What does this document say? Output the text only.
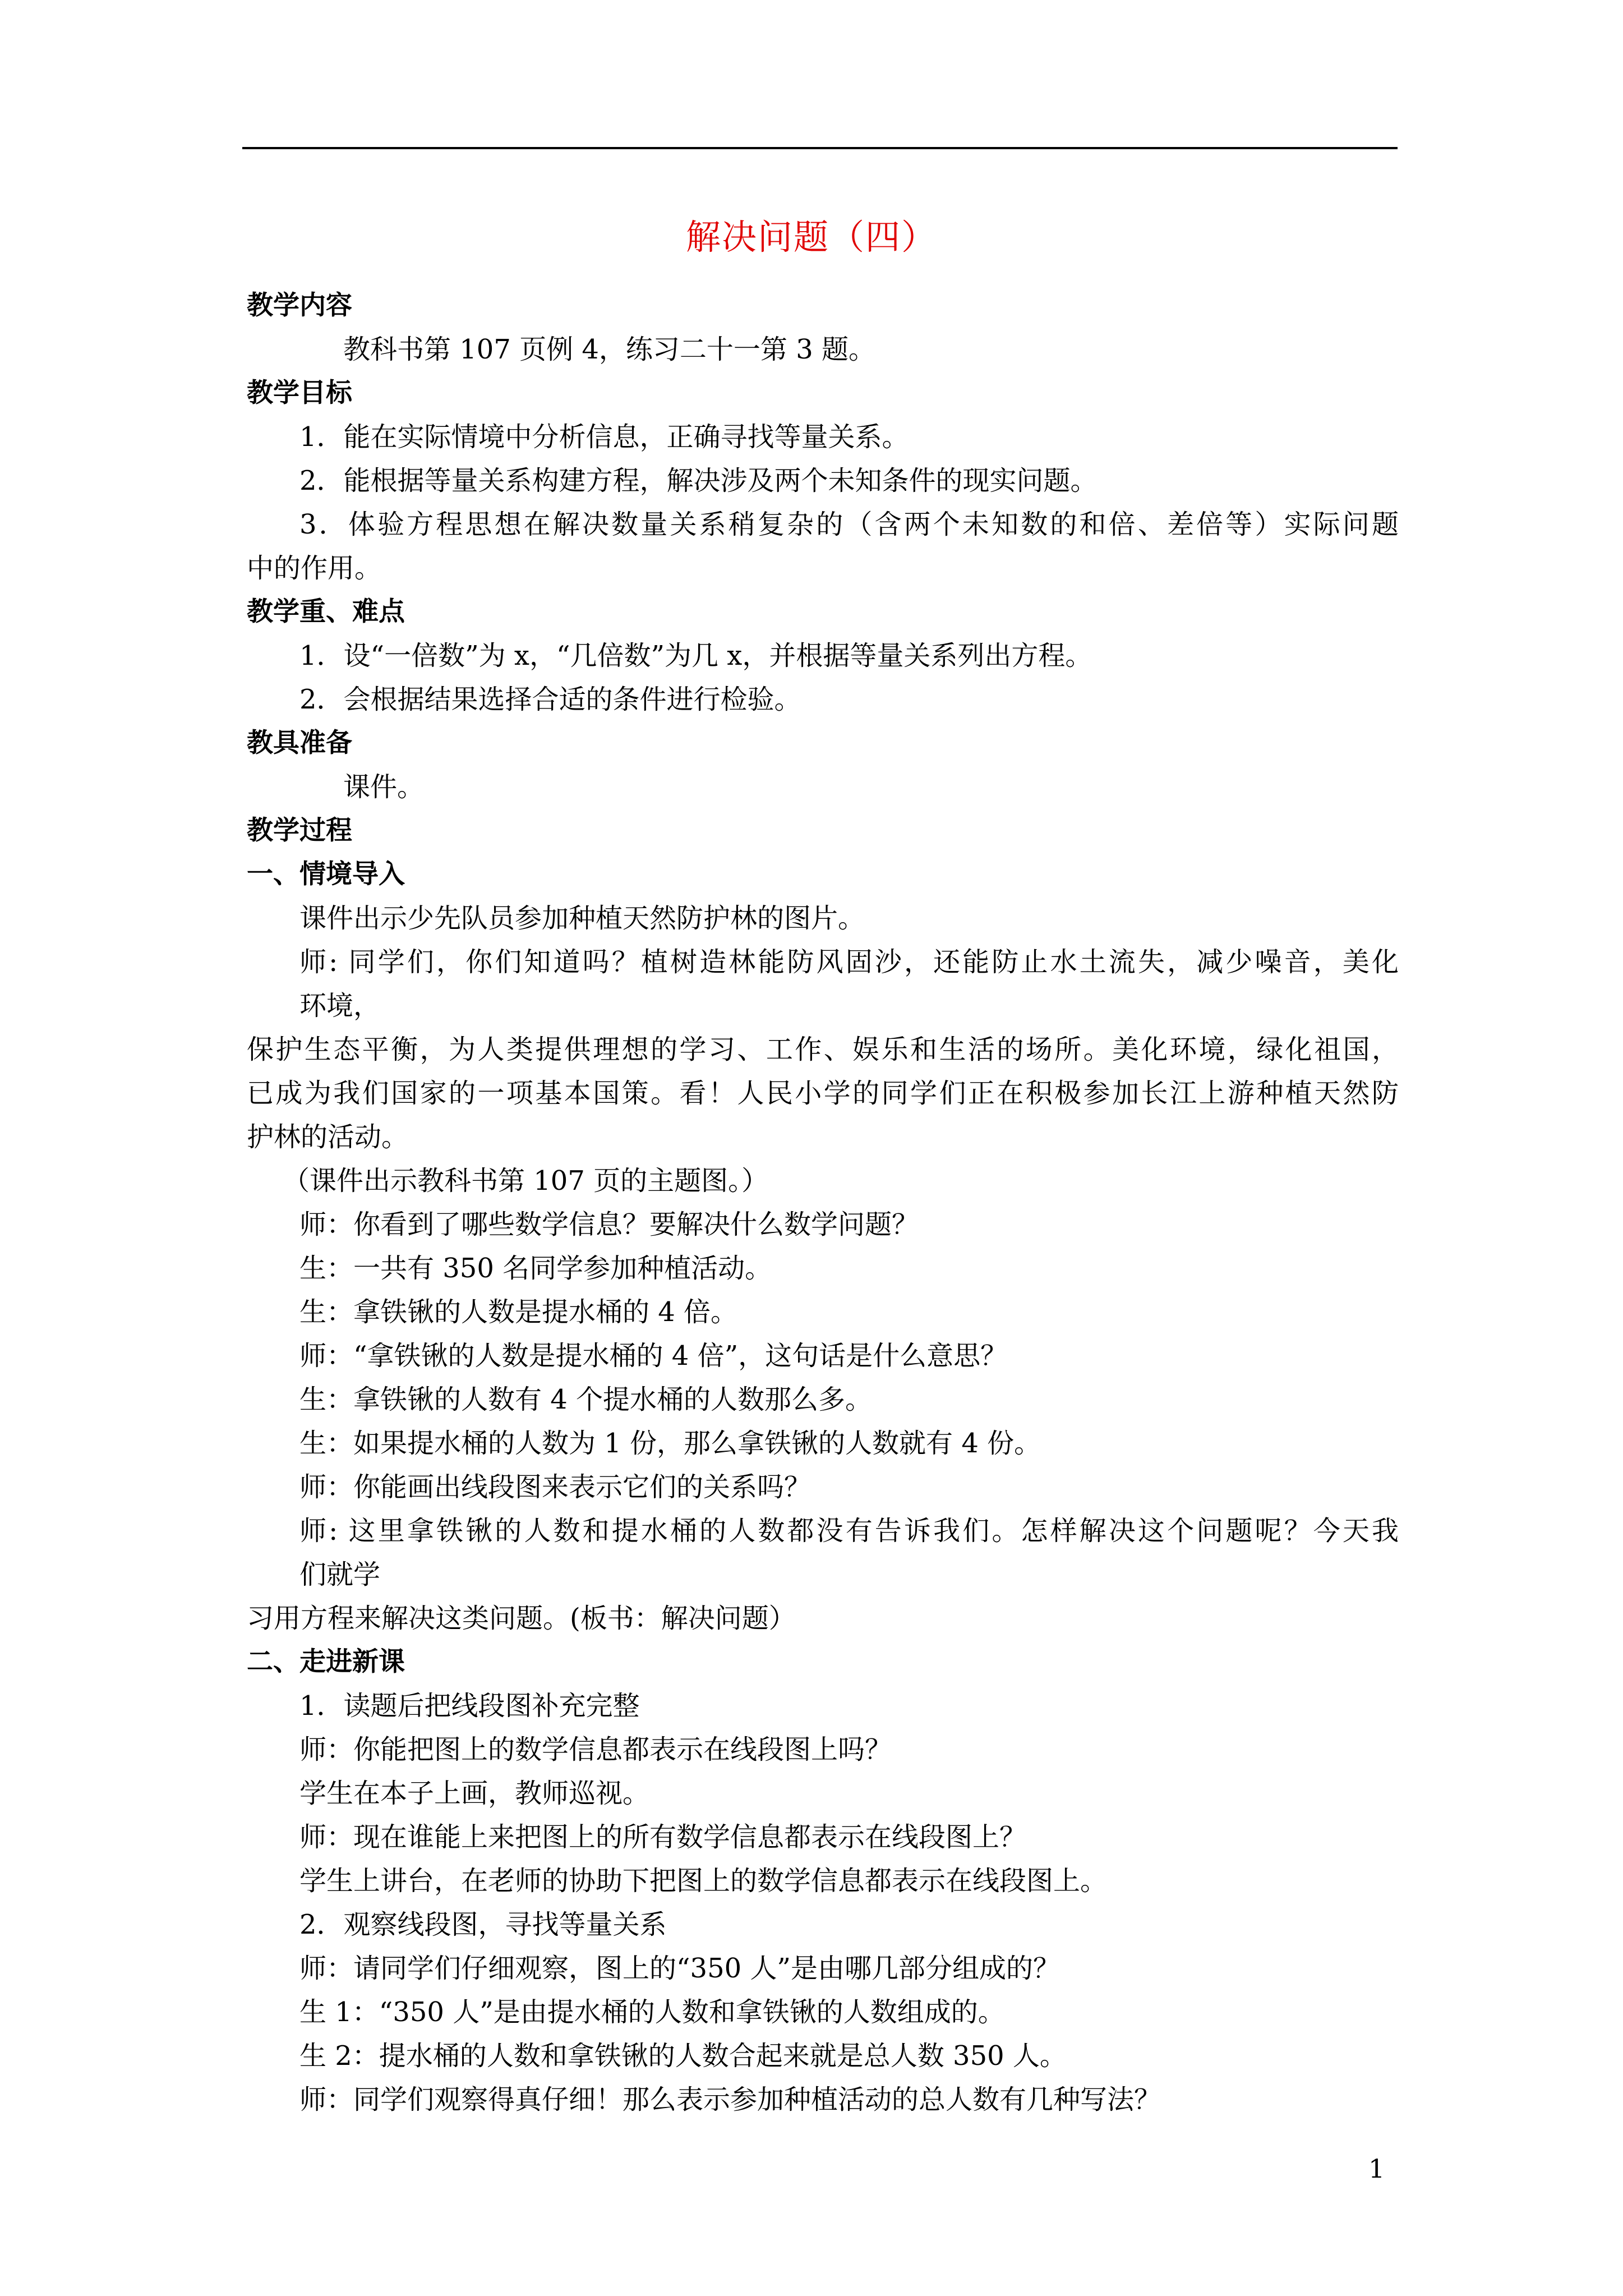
解决问题（四）
教学内容
教科书第 107 页例 4，练习二十一第 3 题。
教学目标
1．能在实际情境中分析信息，正确寻找等量关系。
2．能根据等量关系构建方程，解决涉及两个未知条件的现实问题。
3．体验方程思想在解决数量关系稍复杂的（含两个未知数的和倍、差倍等）实际问题
中的作用。
教学重、难点
1．设“一倍数”为 x，“几倍数”为几 x，并根据等量关系列出方程。
2．会根据结果选择合适的条件进行检验。
教具准备
课件。
教学过程
一、情境导入
课件出示少先队员参加种植天然防护林的图片。
师: 同学们，你们知道吗？植树造林能防风固沙，还能防止水土流失，减少噪音，美化
环境，
保护生态平衡，为人类提供理想的学习、工作、娱乐和生活的场所。美化环境，绿化祖国，
已成为我们国家的一项基本国策。看！人民小学的同学们正在积极参加长江上游种植天然防
护林的活动。
（课件出示教科书第 107 页的主题图。）
师：你看到了哪些数学信息？要解决什么数学问题？
生：一共有 350 名同学参加种植活动。
生：拿铁锹的人数是提水桶的 4 倍。
师：“拿铁锹的人数是提水桶的 4 倍”，这句话是什么意思？
生：拿铁锹的人数有 4 个提水桶的人数那么多。
生：如果提水桶的人数为 1 份，那么拿铁锹的人数就有 4 份。
师：你能画出线段图来表示它们的关系吗？
师: 这里拿铁锹的人数和提水桶的人数都没有告诉我们。怎样解决这个问题呢？今天我
们就学
习用方程来解决这类问题。(板书：解决问题）
二、走进新课
1．读题后把线段图补充完整
师：你能把图上的数学信息都表示在线段图上吗？
学生在本子上画，教师巡视。
师：现在谁能上来把图上的所有数学信息都表示在线段图上？
学生上讲台，在老师的协助下把图上的数学信息都表示在线段图上。
2．观察线段图，寻找等量关系
师：请同学们仔细观察，图上的“350 人”是由哪几部分组成的？
生 1：“350 人”是由提水桶的人数和拿铁锹的人数组成的。
生 2：提水桶的人数和拿铁锹的人数合起来就是总人数 350 人。
师：同学们观察得真仔细！那么表示参加种植活动的总人数有几种写法？
1
